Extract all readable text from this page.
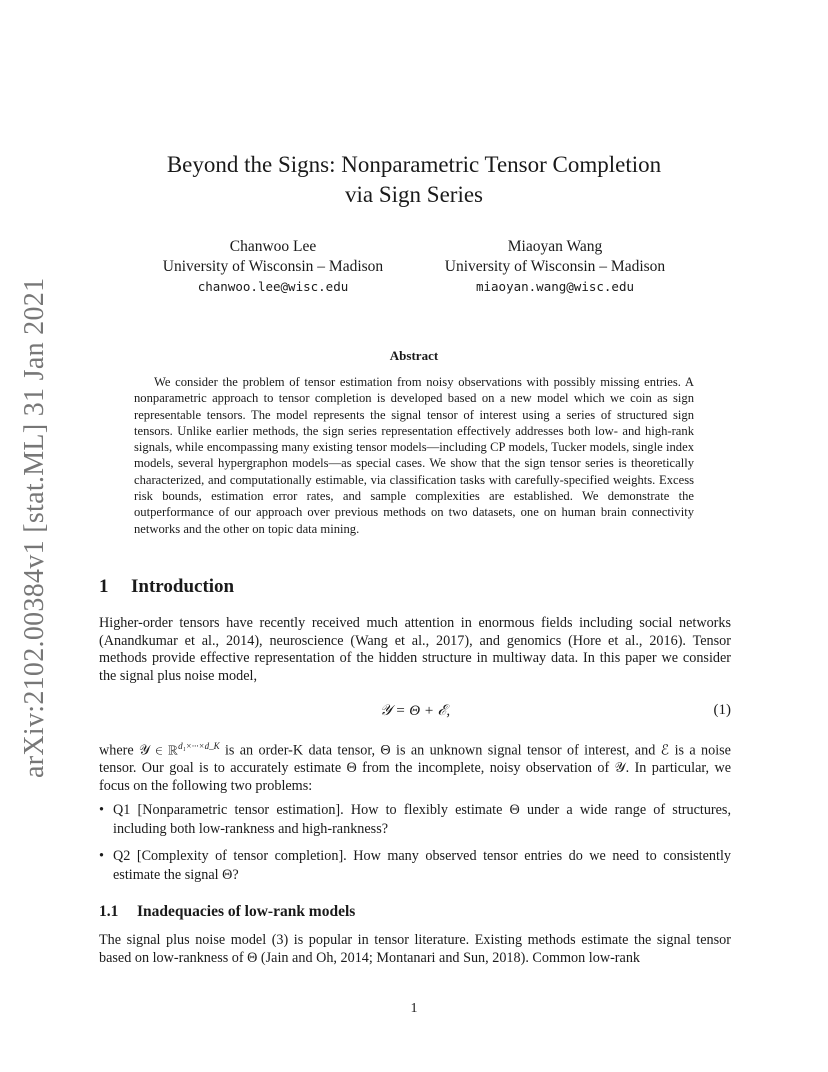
arXiv:2102.00384v1 [stat.ML] 31 Jan 2021
Beyond the Signs: Nonparametric Tensor Completion
via Sign Series
Chanwoo Lee
University of Wisconsin – Madison
chanwoo.lee@wisc.edu
Miaoyan Wang
University of Wisconsin – Madison
miaoyan.wang@wisc.edu
Abstract
We consider the problem of tensor estimation from noisy observations with possibly missing entries. A nonparametric approach to tensor completion is developed based on a new model which we coin as sign representable tensors. The model represents the signal tensor of interest using a series of structured sign tensors. Unlike earlier methods, the sign series representation effectively addresses both low- and high-rank signals, while encompassing many existing tensor models—including CP models, Tucker models, single index models, several hypergraphon models—as special cases. We show that the sign tensor series is theoretically characterized, and computationally estimable, via classification tasks with carefully-specified weights. Excess risk bounds, estimation error rates, and sample complexities are established. We demonstrate the outperformance of our approach over previous methods on two datasets, one on human brain connectivity networks and the other on topic data mining.
1 Introduction
Higher-order tensors have recently received much attention in enormous fields including social networks (Anandkumar et al., 2014), neuroscience (Wang et al., 2017), and genomics (Hore et al., 2016). Tensor methods provide effective representation of the hidden structure in multiway data. In this paper we consider the signal plus noise model,
𝒴 = Θ + ℰ,	(1)
where 𝒴 ∈ ℝ$^{d_1\times\cdot\cdot\cdot\times d\_K}$ is an order-K data tensor, Θ is an unknown signal tensor of interest, and ℰ is a noise tensor. Our goal is to accurately estimate Θ from the incomplete, noisy observation of 𝒴. In particular, we focus on the following two problems:
• Q1 [Nonparametric tensor estimation]. How to flexibly estimate Θ under a wide range of structures, including both low-rankness and high-rankness?
• Q2 [Complexity of tensor completion]. How many observed tensor entries do we need to consistently estimate the signal Θ?
1.1 Inadequacies of low-rank models
The signal plus noise model (3) is popular in tensor literature. Existing methods estimate the signal tensor based on low-rankness of Θ (Jain and Oh, 2014; Montanari and Sun, 2018). Common low-rank
1
